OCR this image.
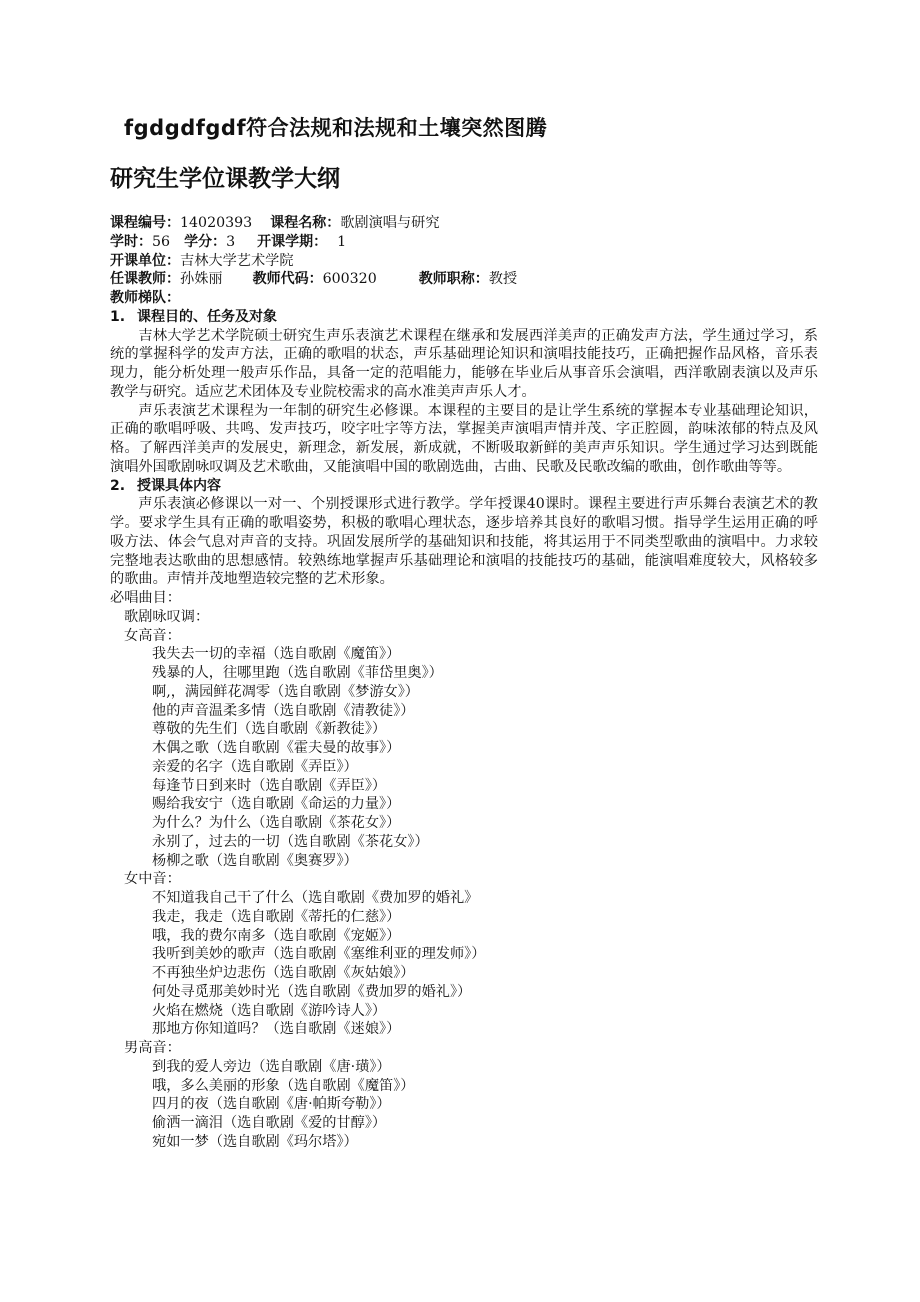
fgdgdfgdf符合法规和法规和土壤突然图腾
研究生学位课教学大纲
课程编号：14020393 课程名称：歌剧演唱与研究
学时：56 学分：3 开课学期： 1
开课单位：吉林大学艺术学院
任课教师：孙姝丽 教师代码：600320	教师职称：教授
教师梯队：
1. 课程目的、任务及对象

吉林大学艺术学院硕士研究生声乐表演艺术课程在继承和发展西洋美声的正确发声方法，学生通过学习，系统的掌握科学的发声方法，正确的歌唱的状态，声乐基础理论知识和演唱技能技巧，正确把握作品风格，音乐表现力，能分析处理一般声乐作品，具备一定的范唱能力，能够在毕业后从事音乐会演唱，西洋歌剧表演以及声乐教学与研究。适应艺术团体及专业院校需求的高水准美声声乐人才。

声乐表演艺术课程为一年制的研究生必修课。本课程的主要目的是让学生系统的掌握本专业基础理论知识，正确的歌唱呼吸、共鸣、发声技巧，咬字吐字等方法，掌握美声演唱声情并茂、字正腔圆，韵味浓郁的特点及风格。了解西洋美声的发展史，新理念，新发展，新成就，不断吸取新鲜的美声声乐知识。学生通过学习达到既能演唱外国歌剧咏叹调及艺术歌曲，又能演唱中国的歌剧选曲，古曲、民歌及民歌改编的歌曲，创作歌曲等等。

2. 授课具体内容

声乐表演必修课以一对一、个别授课形式进行教学。学年授课40课时。课程主要进行声乐舞台表演艺术的教学。要求学生具有正确的歌唱姿势，积极的歌唱心理状态，逐步培养其良好的歌唱习惯。指导学生运用正确的呼吸方法、体会气息对声音的支持。巩固发展所学的基础知识和技能，将其运用于不同类型歌曲的演唱中。力求较完整地表达歌曲的思想感情。较熟练地掌握声乐基础理论和演唱的技能技巧的基础，能演唱难度较大，风格较多的歌曲。声情并茂地塑造较完整的艺术形象。

必唱曲目：
歌剧咏叹调：
女高音：
我失去一切的幸福（选自歌剧《魔笛》）
残暴的人，往哪里跑（选自歌剧《菲岱里奥》）
啊,，满园鲜花凋零（选自歌剧《梦游女》）
他的声音温柔多情（选自歌剧《清教徒》）
尊敬的先生们（选自歌剧《新教徒》）
木偶之歌（选自歌剧《霍夫曼的故事》）
亲爱的名字（选自歌剧《弄臣》）
每逢节日到来时（选自歌剧《弄臣》）
赐给我安宁（选自歌剧《命运的力量》）
为什么？为什么（选自歌剧《茶花女》）
永别了，过去的一切（选自歌剧《茶花女》）
杨柳之歌（选自歌剧《奥赛罗》）
女中音：
不知道我自己干了什么（选自歌剧《费加罗的婚礼》
我走，我走（选自歌剧《蒂托的仁慈》）
哦，我的费尔南多（选自歌剧《宠姬》）
我听到美妙的歌声（选自歌剧《塞维利亚的理发师》）
不再独坐炉边悲伤（选自歌剧《灰姑娘》）
何处寻觅那美妙时光（选自歌剧《费加罗的婚礼》）
火焰在燃烧（选自歌剧《游吟诗人》）
那地方你知道吗？（选自歌剧《迷娘》）
男高音：
到我的爱人旁边（选自歌剧《唐·璜》）
哦，多么美丽的形象（选自歌剧《魔笛》）
四月的夜（选自歌剧《唐·帕斯夸勒》）
偷洒一滴泪（选自歌剧《爱的甘醇》）
宛如一梦（选自歌剧《玛尔塔》）
